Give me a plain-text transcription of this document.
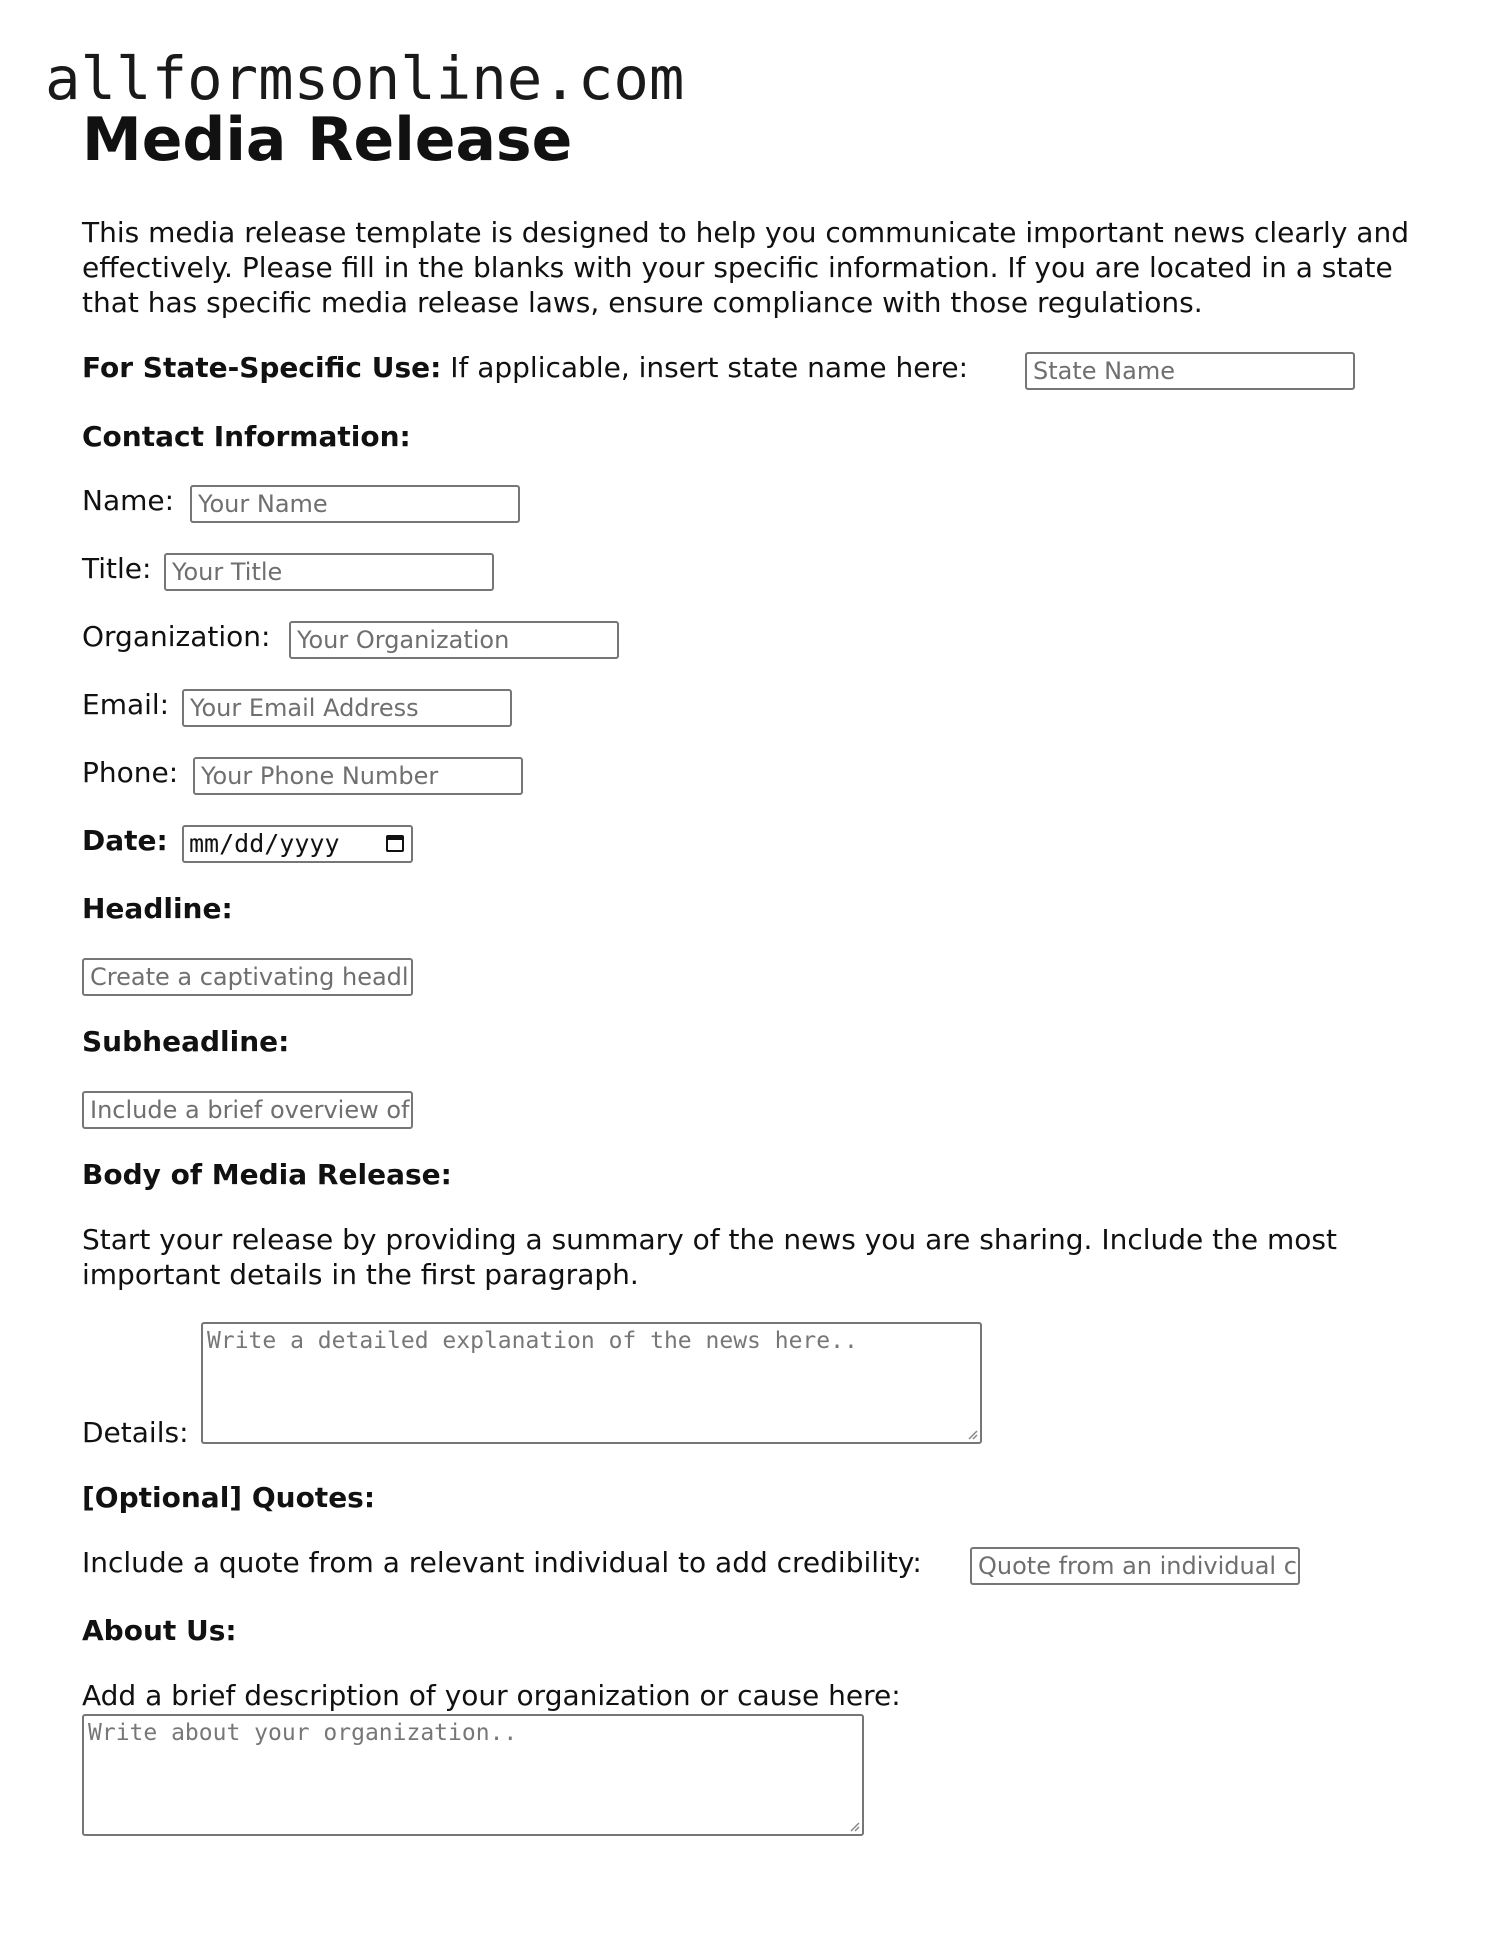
allformsonline.com
Media Release
This media release template is designed to help you communicate important news clearly and effectively. Please fill in the blanks with your specific information. If you are located in a state that has specific media release laws, ensure compliance with those regulations.
For State-Specific Use: If applicable, insert state name here:	State Name
Contact Information:
Name: Your Name
Title: Your Title
Organization:	Your Organization
Email: Your Email Address
Phone: Your Phone Number
Date: mm/dd/yyyy
Headline:
Create a captivating headl
Subheadline:
Include a brief overview of
Body of Media Release:
Start your release by providing a summary of the news you are sharing. Include the most important details in the first paragraph.
Details:
Write a detailed explanation of the news here..
[Optional] Quotes:
Include a quote from a relevant individual to add credibility:	Quote from an individual c
About Us:
Add a brief description of your organization or cause here:
Write about your organization..
